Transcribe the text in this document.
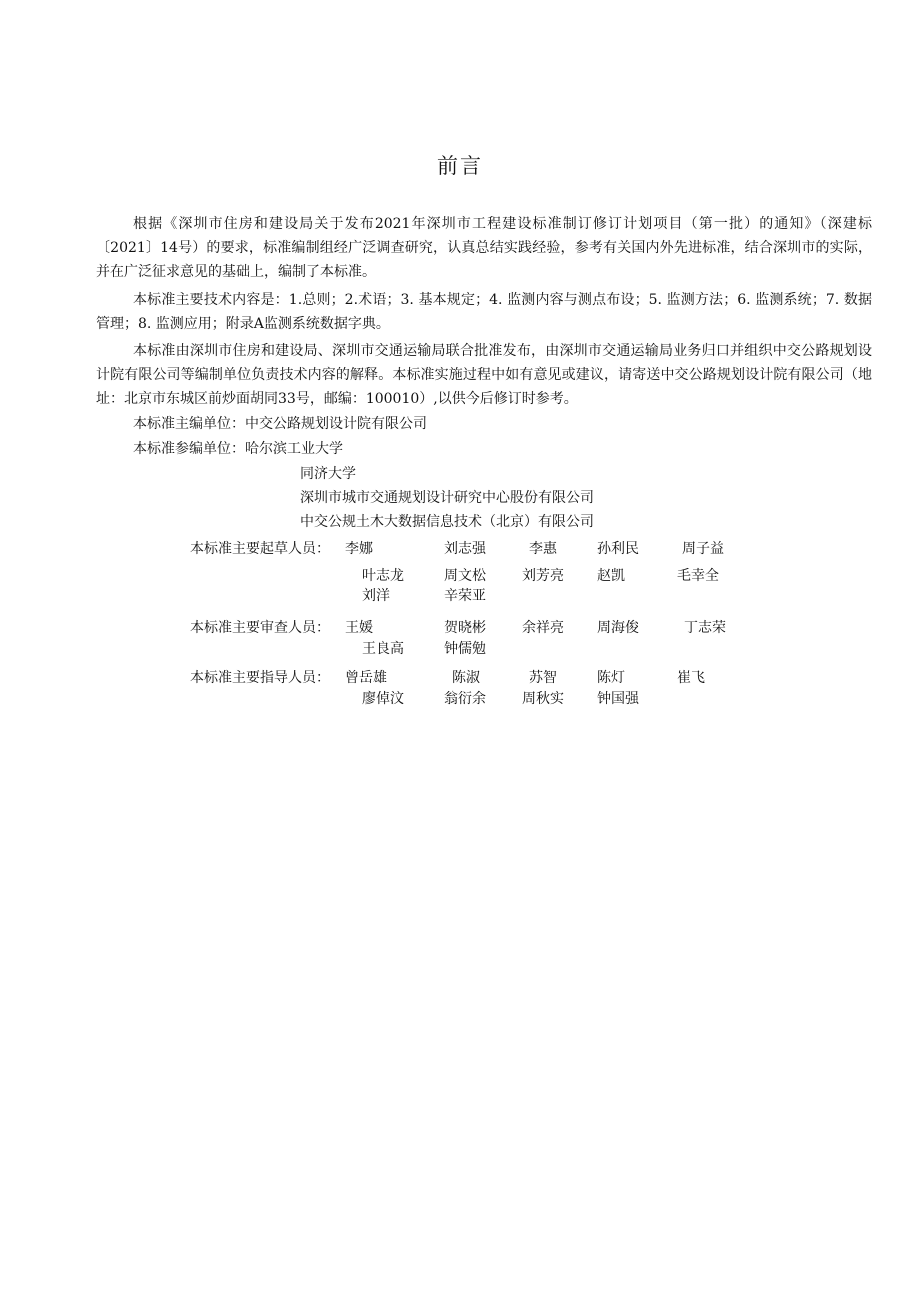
前言

根据《深圳市住房和建设局关于发布2021年深圳市工程建设标准制订修订计划项目（第一批）的通知》（深建标〔2021〕14号）的要求，标准编制组经广泛调查研究，认真总结实践经验，参考有关国内外先进标准，结合深圳市的实际，并在广泛征求意见的基础上，编制了本标准。

本标准主要技术内容是：1.总则；2.术语；3. 基本规定；4. 监测内容与测点布设；5. 监测方法；6. 监测系统；7. 数据管理；8. 监测应用；附录A监测系统数据字典。

本标准由深圳市住房和建设局、深圳市交通运输局联合批准发布，由深圳市交通运输局业务归口并组织中交公路规划设计院有限公司等编制单位负责技术内容的解释。本标准实施过程中如有意见或建议，请寄送中交公路规划设计院有限公司（地址：北京市东城区前炒面胡同33号，邮编：100010）,以供今后修订时参考。

本标准主编单位：中交公路规划设计院有限公司
本标准参编单位：哈尔滨工业大学
同济大学
深圳市城市交通规划设计研究中心股份有限公司
中交公规土木大数据信息技术（北京）有限公司
本标准主要起草人员： 李娜	刘志强	李惠	孙利民	周子益
叶志龙	周文松	刘芳亮 赵凯	毛幸全
刘洋	辛荣亚
本标准主要审查人员： 王媛	贺晓彬	余祥亮 周海俊	丁志荣
王良高	钟儒勉
本标准主要指导人员： 曾岳雄	陈淑	苏智	陈灯	崔飞
廖倬汶	翁衍余	周秋实 钟国强
